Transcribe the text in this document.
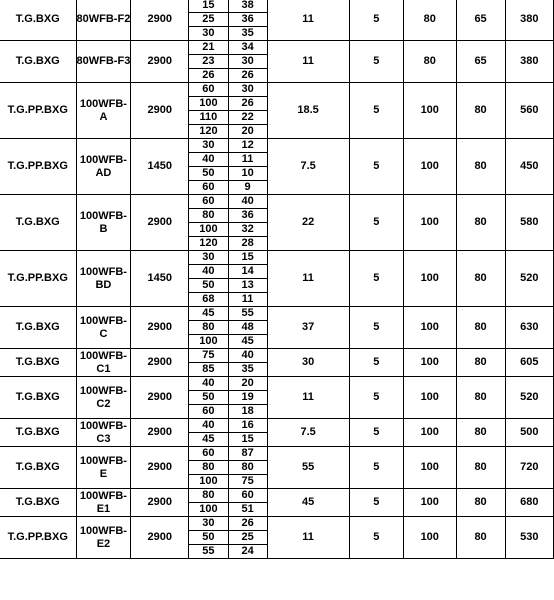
T.G.BXG	80WFB-F2	2900	15	38	11	5	80	65	380
			25	36					
			30	35					
T.G.BXG	80WFB-F3	2900	21	34	11	5	80	65	380
			23	30					
			26	26					
T.G.PP.BXG	100WFB-A	2900	60	30	18.5	5	100	80	560
			100	26					
			110	22					
			120	20					
T.G.PP.BXG	100WFB-AD	1450	30	12	7.5	5	100	80	450
			40	11					
			50	10					
			60	9					
T.G.BXG	100WFB-B	2900	60	40	22	5	100	80	580
			80	36					
			100	32					
			120	28					
T.G.PP.BXG	100WFB-BD	1450	30	15	11	5	100	80	520
			40	14					
			50	13					
			68	11					
T.G.BXG	100WFB-C	2900	45	55	37	5	100	80	630
			80	48					
			100	45					
T.G.BXG	100WFB-C1	2900	75	40	30	5	100	80	605
			85	35					
T.G.BXG	100WFB-C2	2900	40	20	11	5	100	80	520
			50	19					
			60	18					
T.G.BXG	100WFB-C3	2900	40	16	7.5	5	100	80	500
			45	15					
T.G.BXG	100WFB-E	2900	60	87	55	5	100	80	720
			80	80					
			100	75					
T.G.BXG	100WFB-E1	2900	80	60	45	5	100	80	680
			100	51					
T.G.PP.BXG	100WFB-E2	2900	30	26	11	5	100	80	530
			50	25					
			55	24					
